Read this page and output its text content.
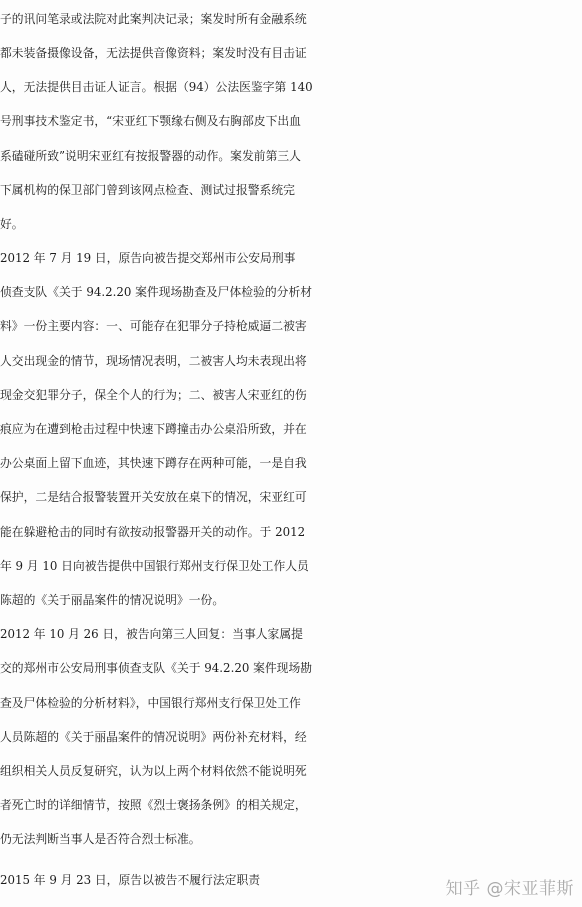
子的讯问笔录或法院对此案判决记录；案发时所有金融系统
都未装备摄像设备，无法提供音像资料；案发时没有目击证
人，无法提供目击证人证言。根据（94）公法医鉴字第 140
号刑事技术鉴定书，“宋亚红下颚缘右侧及右胸部皮下出血
系磕碰所致”说明宋亚红有按报警器的动作。案发前第三人
下属机构的保卫部门曾到该网点检查、测试过报警系统完
好。
2012 年 7 月 19 日，原告向被告提交郑州市公安局刑事
侦查支队《关于 94.2.20 案件现场勘查及尸体检验的分析材
料》一份主要内容：一、可能存在犯罪分子持枪威逼二被害
人交出现金的情节，现场情况表明，二被害人均未表现出将
现金交犯罪分子，保全个人的行为；二、被害人宋亚红的伤
痕应为在遭到枪击过程中快速下蹲撞击办公桌沿所致，并在
办公桌面上留下血迹，其快速下蹲存在两种可能，一是自我
保护，二是结合报警装置开关安放在桌下的情况，宋亚红可
能在躲避枪击的同时有欲按动报警器开关的动作。于 2012
年 9 月 10 日向被告提供中国银行郑州支行保卫处工作人员
陈超的《关于丽晶案件的情况说明》一份。
2012 年 10 月 26 日，被告向第三人回复：当事人家属提
交的郑州市公安局刑事侦查支队《关于 94.2.20 案件现场勘
查及尸体检验的分析材料》，中国银行郑州支行保卫处工作
人员陈超的《关于丽晶案件的情况说明》两份补充材料，经
组织相关人员反复研究，认为以上两个材料依然不能说明死
者死亡时的详细情节，按照《烈士褒扬条例》的相关规定，
仍无法判断当事人是否符合烈士标准。
2015 年 9 月 23 日，原告以被告不履行法定职责	知乎 @宋亚菲斯
